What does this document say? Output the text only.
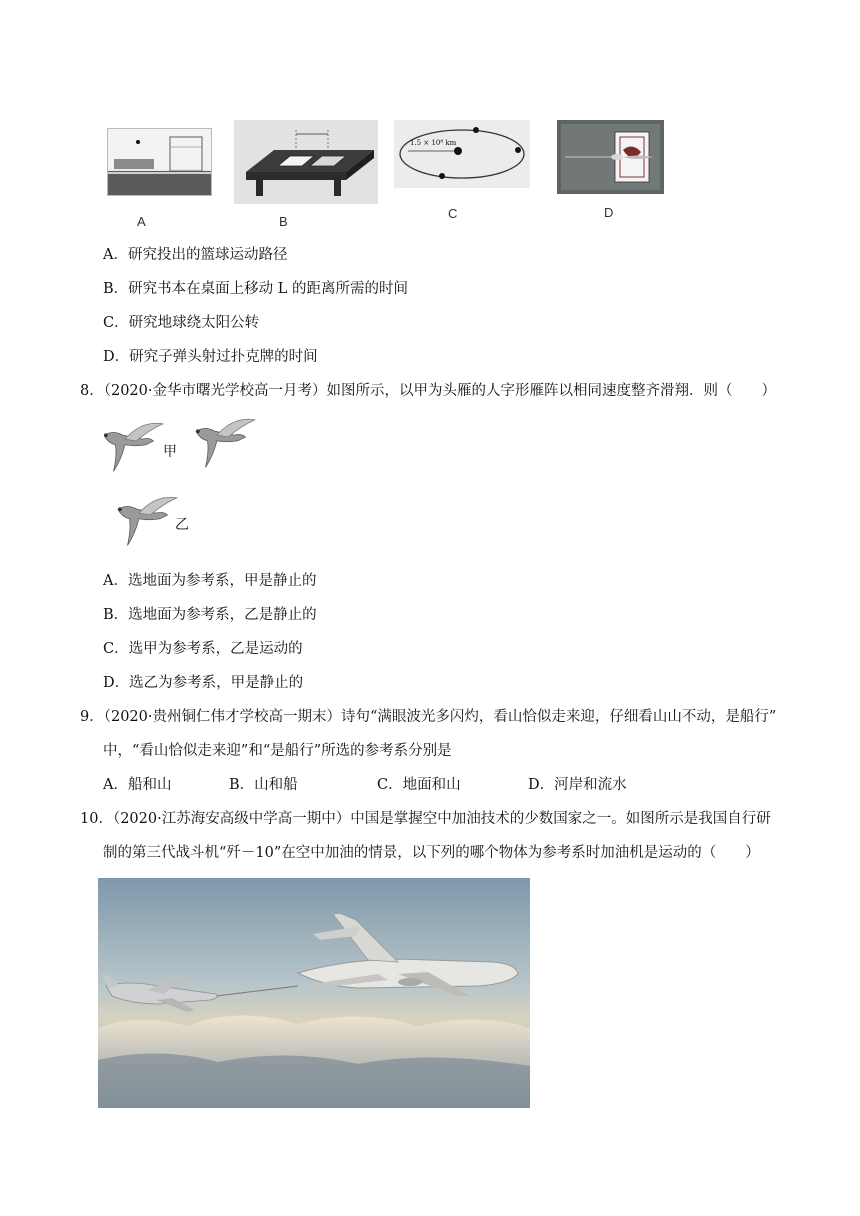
A	B
1.5 × 10⁸ km
C	D
A．研究投出的篮球运动路径
B．研究书本在桌面上移动 L 的距离所需的时间
C．研究地球绕太阳公转
D．研究子弹头射过扑克牌的时间
8．（2020·金华市曙光学校高一月考）如图所示，以甲为头雁的人字形雁阵以相同速度整齐滑翔．则（　　）
甲
乙
A．选地面为参考系，甲是静止的
B．选地面为参考系，乙是静止的
C．选甲为参考系，乙是运动的
D．选乙为参考系，甲是静止的
9．（2020·贵州铜仁伟才学校高一期末）诗句“满眼波光多闪灼，看山恰似走来迎，仔细看山山不动，是船行”
中，“看山恰似走来迎”和“是船行”所选的参考系分别是
A．船和山	B．山和船	C．地面和山	D．河岸和流水
10．（2020·江苏海安高级中学高一期中）中国是掌握空中加油技术的少数国家之一。如图所示是我国自行研
制的第三代战斗机“歼－10”在空中加油的情景，以下列的哪个物体为参考系时加油机是运动的（　　）
